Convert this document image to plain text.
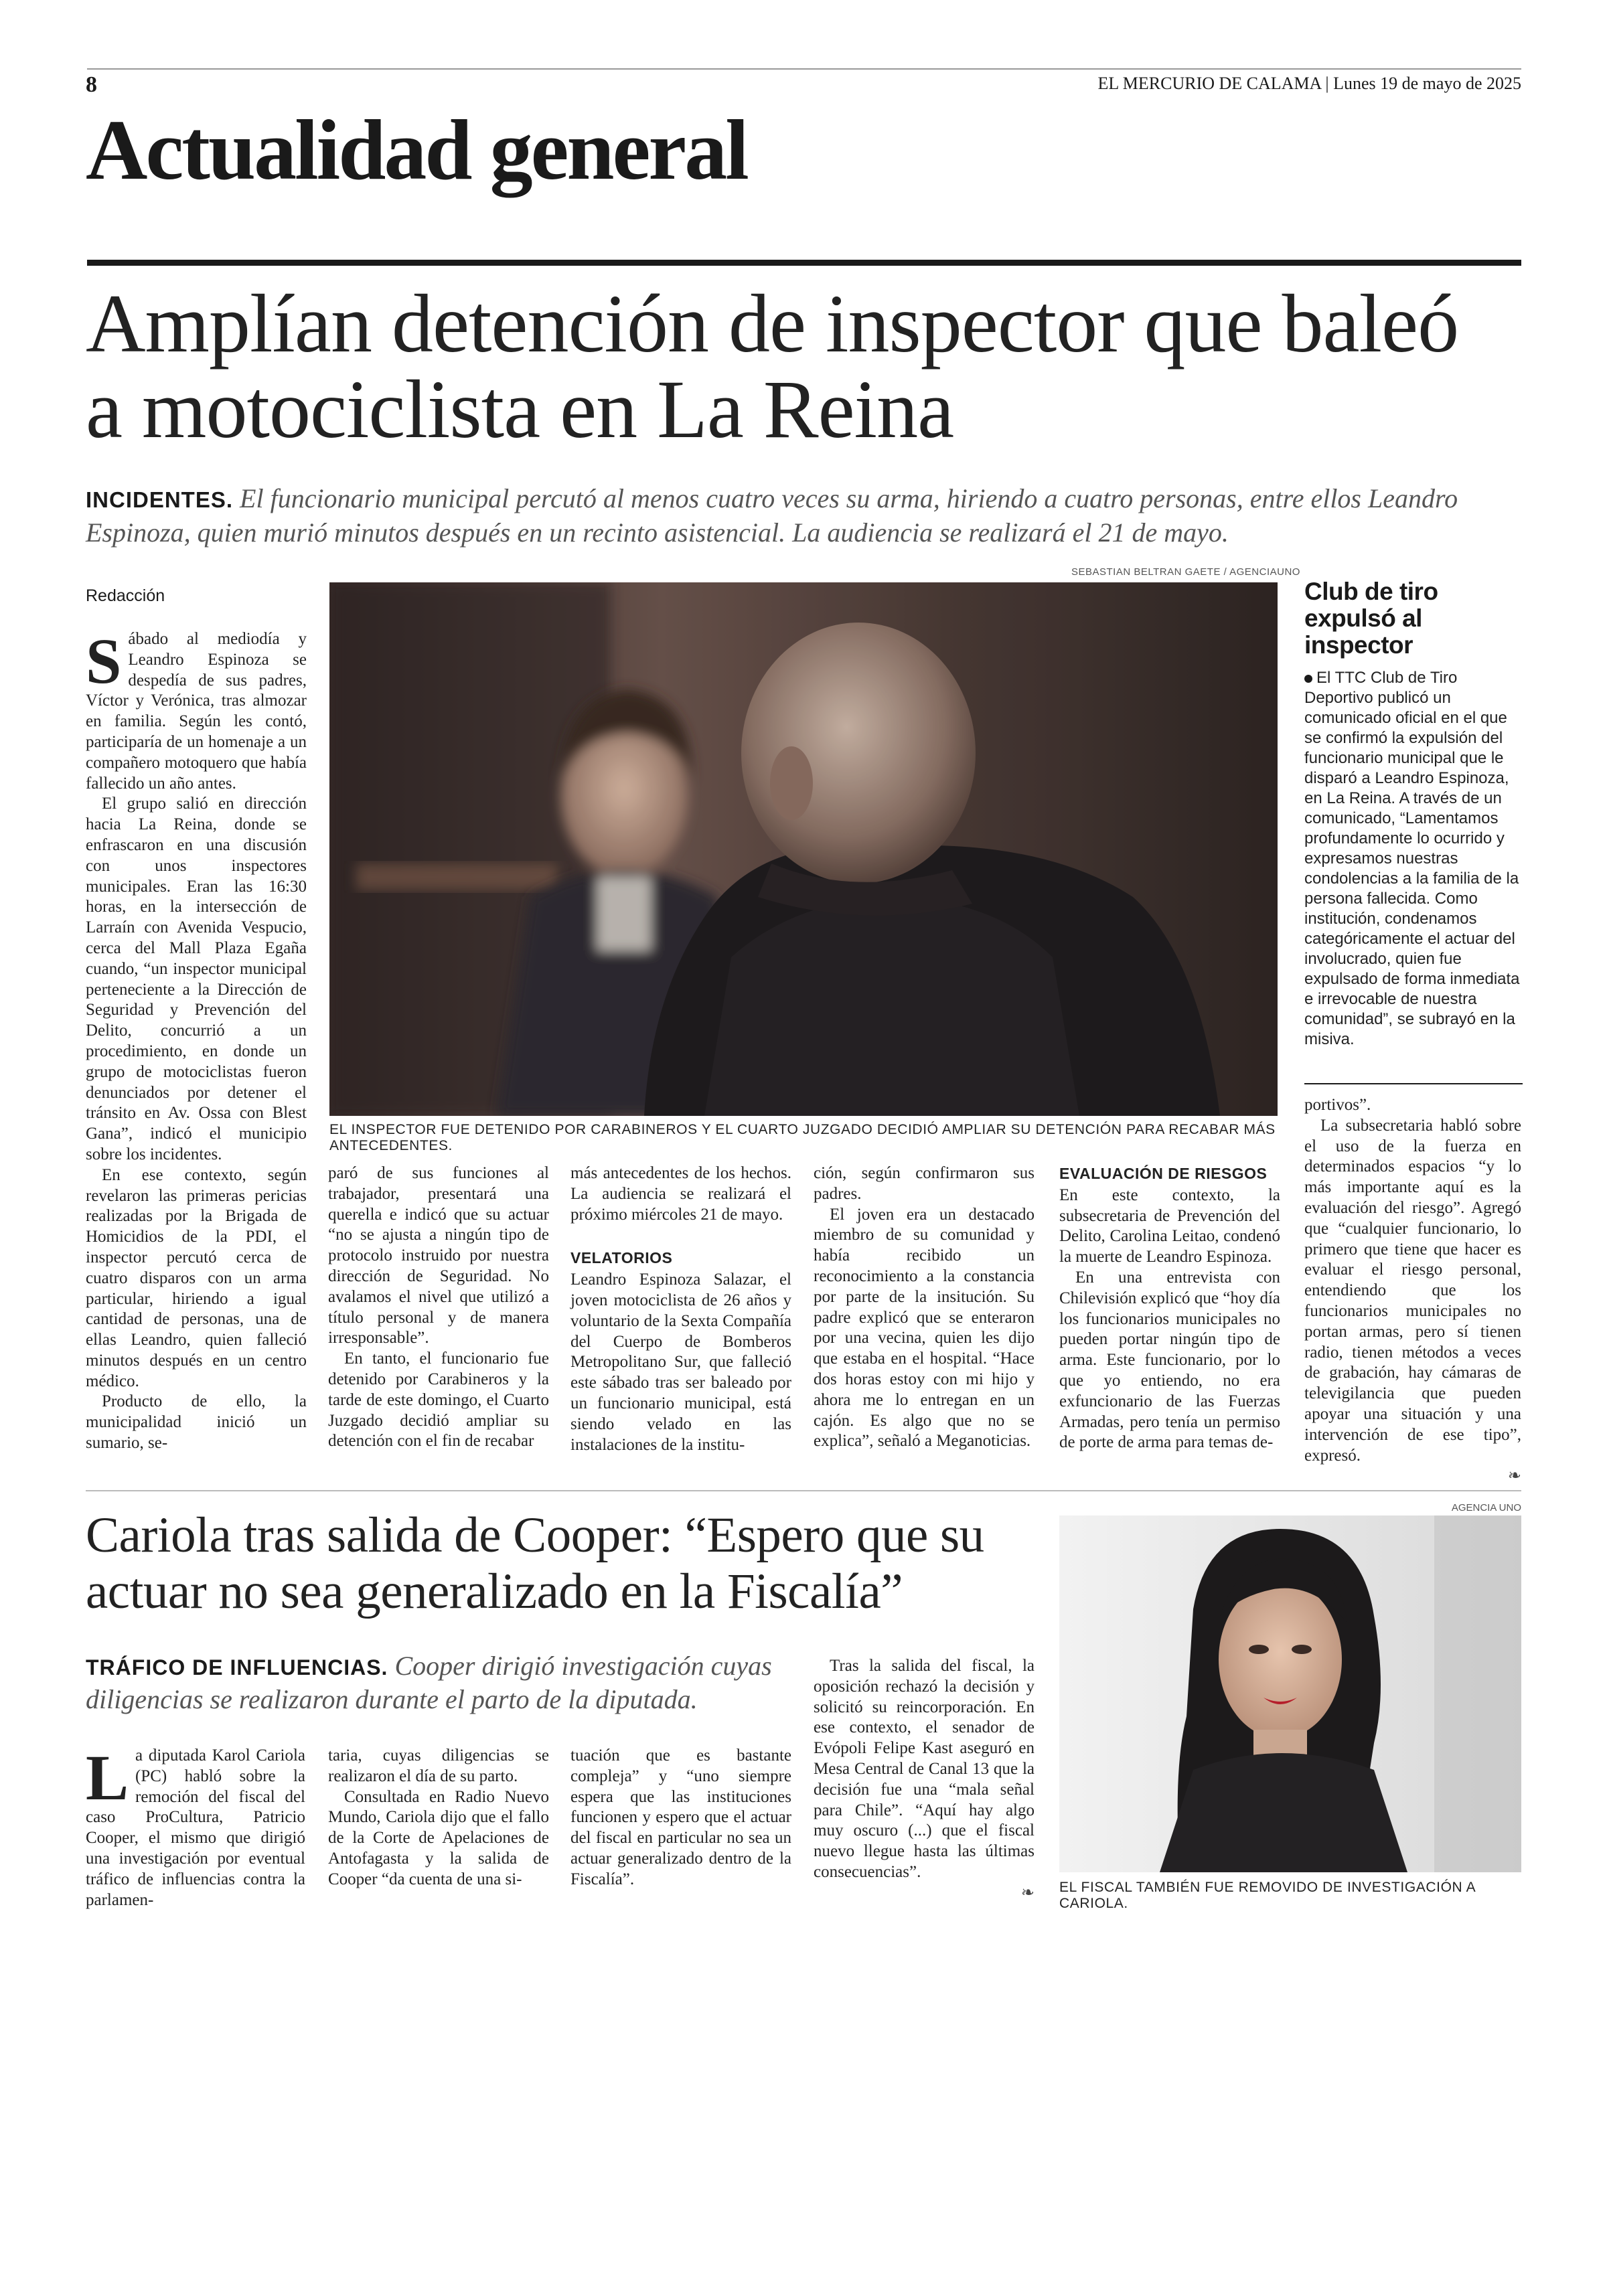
8	EL MERCURIO DE CALAMA | Lunes 19 de mayo de 2025
Actualidad general
Amplían detención de inspector que baleó a motociclista en La Reina
INCIDENTES. El funcionario municipal percutó al menos cuatro veces su arma, hiriendo a cuatro personas, entre ellos Leandro Espinoza, quien murió minutos después en un recinto asistencial. La audiencia se realizará el 21 de mayo.
SEBASTIAN BELTRAN GAETE / AGENCIAUNO
EL INSPECTOR FUE DETENIDO POR CARABINEROS Y EL CUARTO JUZGADO DECIDIÓ AMPLIAR SU DETENCIÓN PARA RECABAR MÁS ANTECEDENTES.
Redacción

Sábado al mediodía y Leandro Espinoza se despedía de sus padres, Víctor y Verónica, tras almozar en familia. Según les contó, participaría de un homenaje a un compañero motoquero que había fallecido un año antes.

El grupo salió en dirección hacia La Reina, donde se enfrascaron en una discusión con unos inspectores municipales. Eran las 16:30 horas, en la intersección de Larraín con Avenida Vespucio, cerca del Mall Plaza Egaña cuando, “un inspector municipal perteneciente a la Dirección de Seguridad y Prevención del Delito, concurrió a un procedimiento, en donde un grupo de motociclistas fueron denunciados por detener el tránsito en Av. Ossa con Blest Gana”, indicó el municipio sobre los incidentes.

En ese contexto, según revelaron las primeras pericias realizadas por la Brigada de Homicidios de la PDI, el inspector percutó cerca de cuatro disparos con un arma particular, hiriendo a igual cantidad de personas, una de ellas Leandro, quien falleció minutos después en un centro médico.

Producto de ello, la municipalidad inició un sumario, se-

paró de sus funciones al trabajador, presentará una querella e indicó que su actuar “no se ajusta a ningún tipo de protocolo instruido por nuestra dirección de Seguridad. No avalamos el nivel que utilizó a título personal y de manera irresponsable”.

En tanto, el funcionario fue detenido por Carabineros y la tarde de este domingo, el Cuarto Juzgado decidió ampliar su detención con el fin de recabar

más antecedentes de los hechos. La audiencia se realizará el próximo miércoles 21 de mayo.

VELATORIOS

Leandro Espinoza Salazar, el joven motociclista de 26 años y voluntario de la Sexta Compañía del Cuerpo de Bomberos Metropolitano Sur, que falleció este sábado tras ser baleado por un funcionario municipal, está siendo velado en las instalaciones de la institu-

ción, según confirmaron sus padres.

El joven era un destacado miembro de su comunidad y había recibido un reconocimiento a la constancia por parte de la insitución. Su padre explicó que se enteraron por una vecina, quien les dijo que estaba en el hospital. “Hace dos horas estoy con mi hijo y ahora me lo entregan en un cajón. Es algo que no se explica”, señaló a Meganoticias.

EVALUACIÓN DE RIESGOS

En este contexto, la subsecretaria de Prevención del Delito, Carolina Leitao, condenó la muerte de Leandro Espinoza.

En una entrevista con Chilevisión explicó que “hoy día los funcionarios municipales no pueden portar ningún tipo de arma. Este funcionario, por lo que yo entiendo, no era exfuncionario de las Fuerzas Armadas, pero tenía un permiso de porte de arma para temas de-

portivos”.

La subsecretaria habló sobre el uso de la fuerza en determinados espacios “y lo más importante aquí es la evaluación del riesgo”. Agregó que “cualquier funcionario, lo primero que tiene que hacer es evaluar el riesgo personal, entendiendo que los funcionarios municipales no portan armas, pero sí tienen radio, tienen métodos a veces de grabación, hay cámaras de televigilancia que pueden apoyar una situación y una intervención de ese tipo”, expresó.

❧
Club de tiro expulsó al inspector
El TTC Club de Tiro Deportivo publicó un comunicado oficial en el que se confirmó la expulsión del funcionario municipal que le disparó a Leandro Espinoza, en La Reina. A través de un comunicado, “Lamentamos profundamente lo ocurrido y expresamos nuestras condolencias a la familia de la persona fallecida. Como institución, condenamos categóricamente el actuar del involucrado, quien fue expulsado de forma inmediata e irrevocable de nuestra comunidad”, se subrayó en la misiva.
Cariola tras salida de Cooper: “Espero que su actuar no sea generalizado en la Fiscalía”
TRÁFICO DE INFLUENCIAS. Cooper dirigió investigación cuyas diligencias se realizaron durante el parto de la diputada.

La diputada Karol Cariola (PC) habló sobre la remoción del fiscal del caso ProCultura, Patricio Cooper, el mismo que dirigió una investigación por eventual tráfico de influencias contra la parlamen-

taria, cuyas diligencias se realizaron el día de su parto.

Consultada en Radio Nuevo Mundo, Cariola dijo que el fallo de la Corte de Apelaciones de Antofagasta y la salida de Cooper “da cuenta de una si-

tuación que es bastante compleja” y “uno siempre espera que las instituciones funcionen y espero que el actuar del fiscal en particular no sea un actuar generalizado dentro de la Fiscalía”.

Tras la salida del fiscal, la oposición rechazó la decisión y solicitó su reincorporación. En ese contexto, el senador de Evópoli Felipe Kast aseguró en Mesa Central de Canal 13 que la decisión fue una “mala señal para Chile”. “Aquí hay algo muy oscuro (...) que el fiscal nuevo llegue hasta las últimas consecuencias”.

❧
AGENCIA UNO
EL FISCAL TAMBIÉN FUE REMOVIDO DE INVESTIGACIÓN A CARIOLA.
